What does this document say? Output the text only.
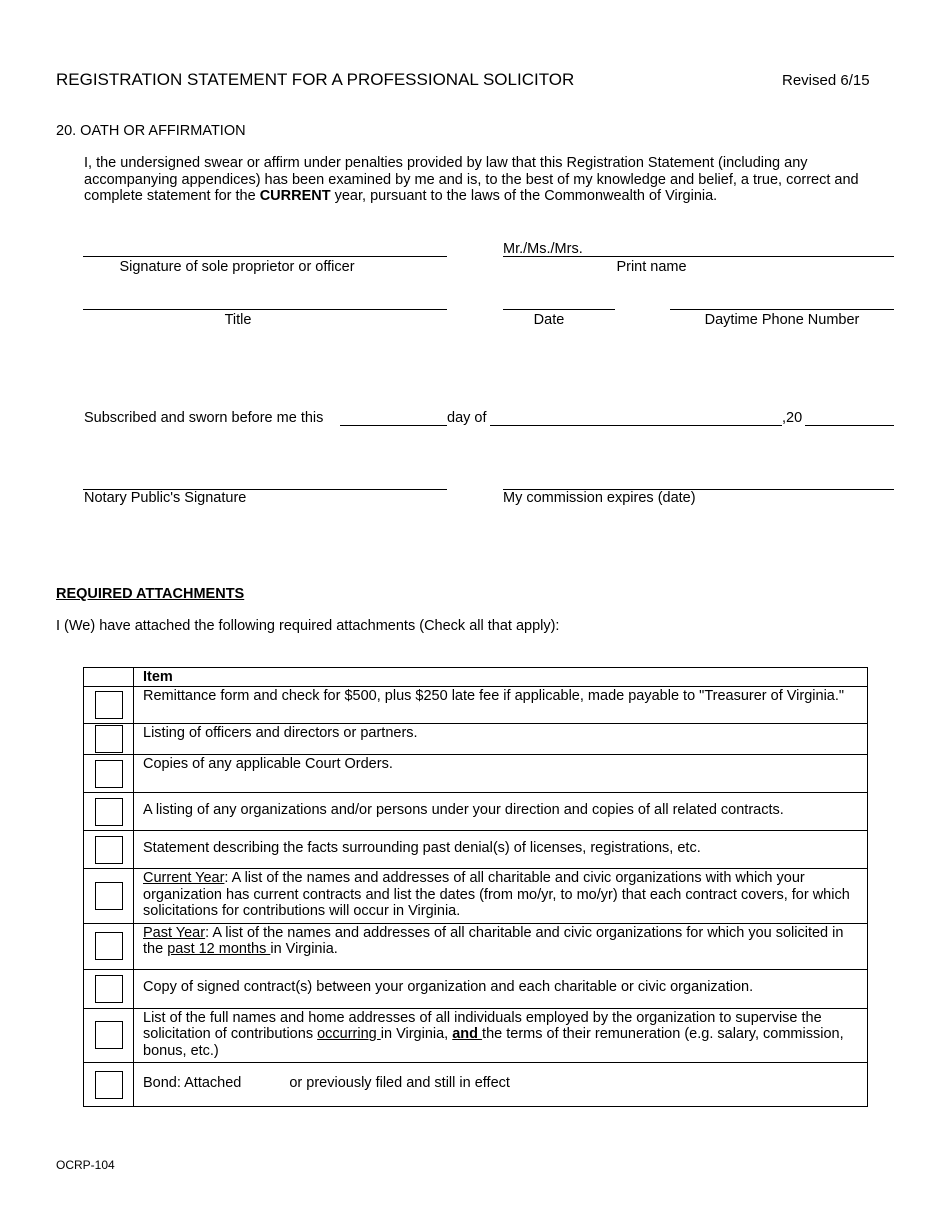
REGISTRATION STATEMENT FOR A PROFESSIONAL SOLICITOR	Revised 6/15
20. OATH OR AFFIRMATION
I, the undersigned swear or affirm under penalties provided by law that this Registration Statement (including any accompanying appendices) has been examined by me and is, to the best of my knowledge and belief, a true, correct and complete statement for the CURRENT year, pursuant to the laws of the Commonwealth of Virginia.
Signature of sole proprietor or officer
Mr./Ms./Mrs.
Print name
Title	Date	Daytime Phone Number
Subscribed and sworn before me this	day of	,20
Notary Public's Signature	My commission expires (date)
REQUIRED ATTACHMENTS
I (We) have attached the following required attachments (Check all that apply):
	Item

	Remittance form and check for $500, plus $250 late fee if applicable, made payable to "Treasurer of Virginia."

	Listing of officers and directors or partners.

	Copies of any applicable Court Orders.

	A listing of any organizations and/or persons under your direction and copies of all related contracts.

	Statement describing the facts surrounding past denial(s) of licenses, registrations, etc.

	Current Year: A list of the names and addresses of all charitable and civic organizations with which your organization has current contracts and list the dates (from mo/yr, to mo/yr) that each contract covers, for which solicitations for contributions will occur in Virginia.

	Past Year: A list of the names and addresses of all charitable and civic organizations for which you solicited in the past 12 months in Virginia.

	Copy of signed contract(s) between your organization and each charitable or civic organization.

	List of the full names and home addresses of all individuals employed by the organization to supervise the solicitation of contributions occurring in Virginia, and the terms of their remuneration (e.g. salary, commission, bonus, etc.)

	Bond: Attached or previously filed and still in effect
OCRP-104
